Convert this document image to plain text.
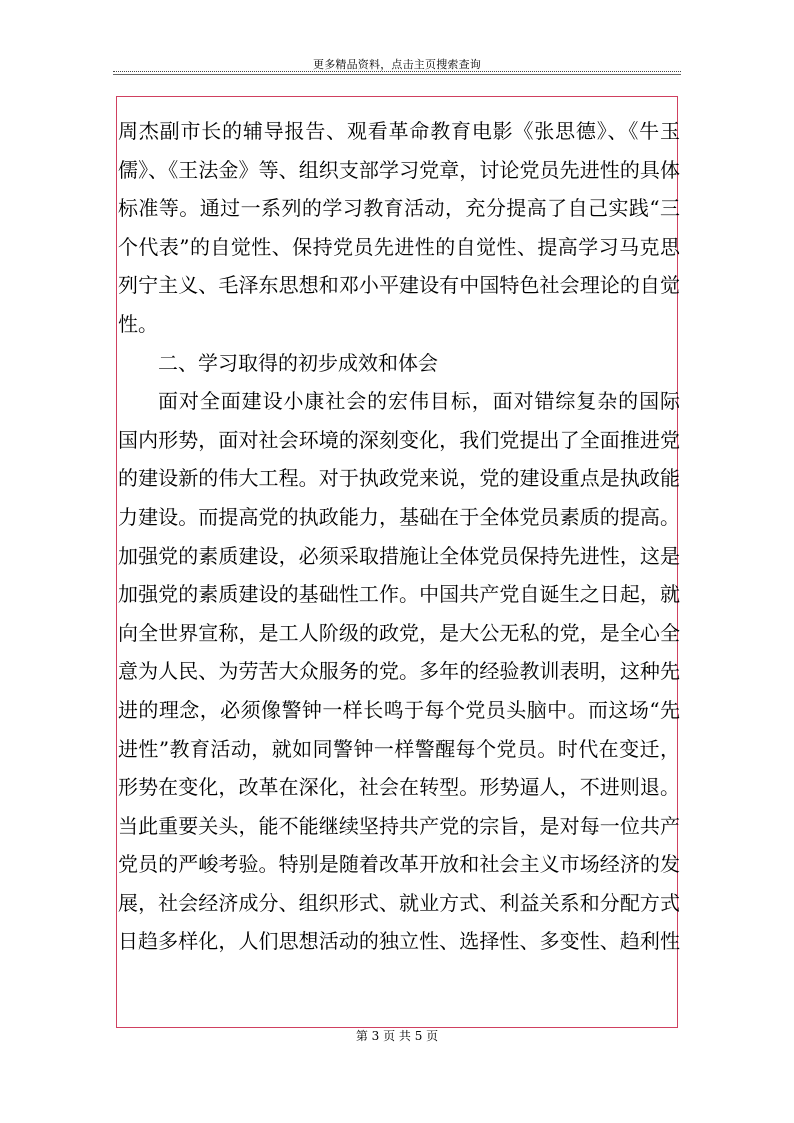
更多精品资料，点击主页搜索查询
周杰副市长的辅导报告、观看革命教育电影《张思德》、《牛玉
儒》、《王法金》等、组织支部学习党章，讨论党员先进性的具体
标准等。通过一系列的学习教育活动，充分提高了自己实践“三
个代表”的自觉性、保持党员先进性的自觉性、提高学习马克思
列宁主义、毛泽东思想和邓小平建设有中国特色社会理论的自觉
性。
二、学习取得的初步成效和体会
面对全面建设小康社会的宏伟目标，面对错综复杂的国际
国内形势，面对社会环境的深刻变化，我们党提出了全面推进党
的建设新的伟大工程。对于执政党来说，党的建设重点是执政能
力建设。而提高党的执政能力，基础在于全体党员素质的提高。
加强党的素质建设，必须采取措施让全体党员保持先进性，这是
加强党的素质建设的基础性工作。中国共产党自诞生之日起，就
向全世界宣称，是工人阶级的政党，是大公无私的党，是全心全
意为人民、为劳苦大众服务的党。多年的经验教训表明，这种先
进的理念，必须像警钟一样长鸣于每个党员头脑中。而这场“先
进性”教育活动，就如同警钟一样警醒每个党员。时代在变迁，
形势在变化，改革在深化，社会在转型。形势逼人，不进则退。
当此重要关头，能不能继续坚持共产党的宗旨，是对每一位共产
党员的严峻考验。特别是随着改革开放和社会主义市场经济的发
展，社会经济成分、组织形式、就业方式、利益关系和分配方式
日趋多样化，人们思想活动的独立性、选择性、多变性、趋利性
第 3 页 共 5 页
